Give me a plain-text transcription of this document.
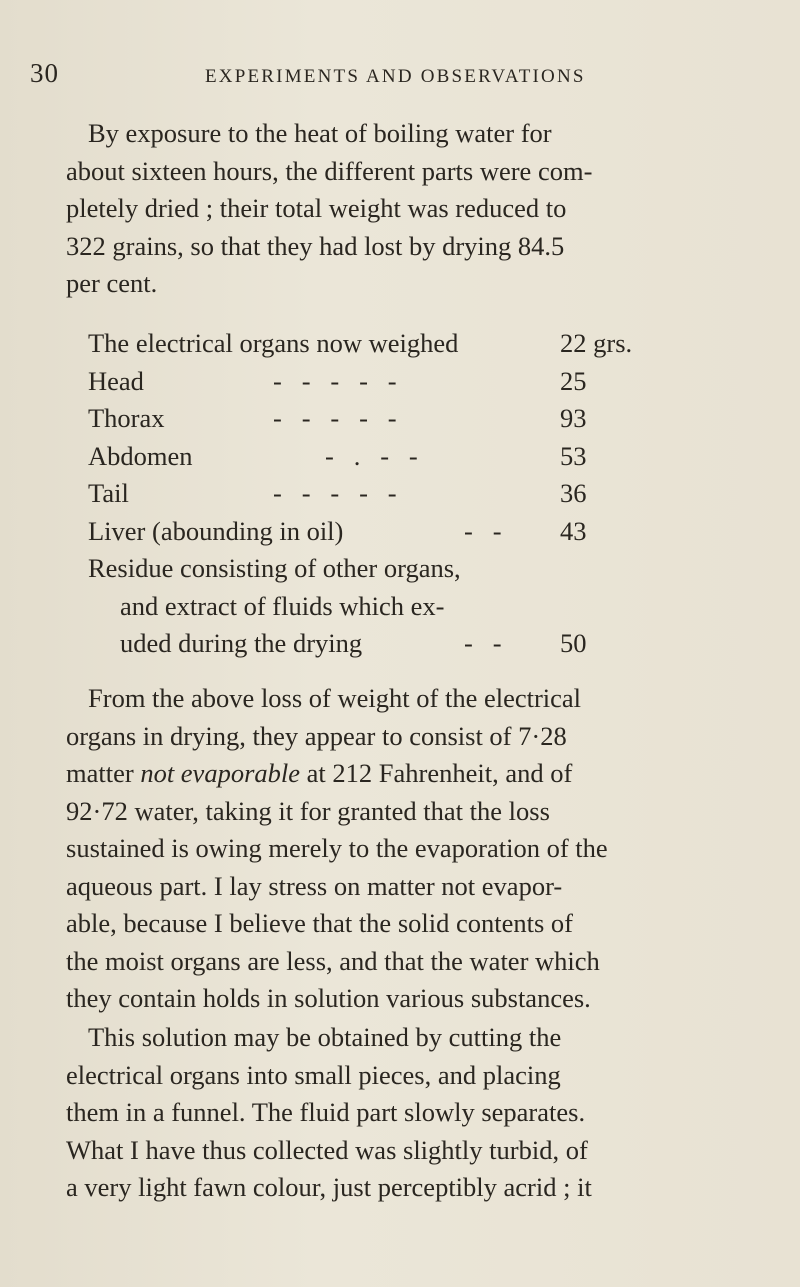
30	EXPERIMENTS AND OBSERVATIONS

By exposure to the heat of boiling water for
about sixteen hours, the different parts were com-
pletely dried ; their total weight was reduced to
322 grains, so that they had lost by drying 84.5
per cent.

The electrical organs now weighed	22 grs.
Head	-   -   -   -   -	25
Thorax	-   -   -   -   -	93
Abdomen	-   .   -   -	53
Tail	-   -   -   -   -	36
Liver (abounding in oil)	-   - 43
Residue consisting of other organs,
and extract of fluids which ex-
uded during the drying	-   - 50

From the above loss of weight of the electrical
organs in drying, they appear to consist of 7·28
matter not evaporable at 212 Fahrenheit, and of
92·72 water, taking it for granted that the loss
sustained is owing merely to the evaporation of the
aqueous part. I lay stress on matter not evapor-
able, because I believe that the solid contents of
the moist organs are less, and that the water which
they contain holds in solution various substances.

This solution may be obtained by cutting the
electrical organs into small pieces, and placing
them in a funnel. The fluid part slowly separates.
What I have thus collected was slightly turbid, of
a very light fawn colour, just perceptibly acrid ; it
